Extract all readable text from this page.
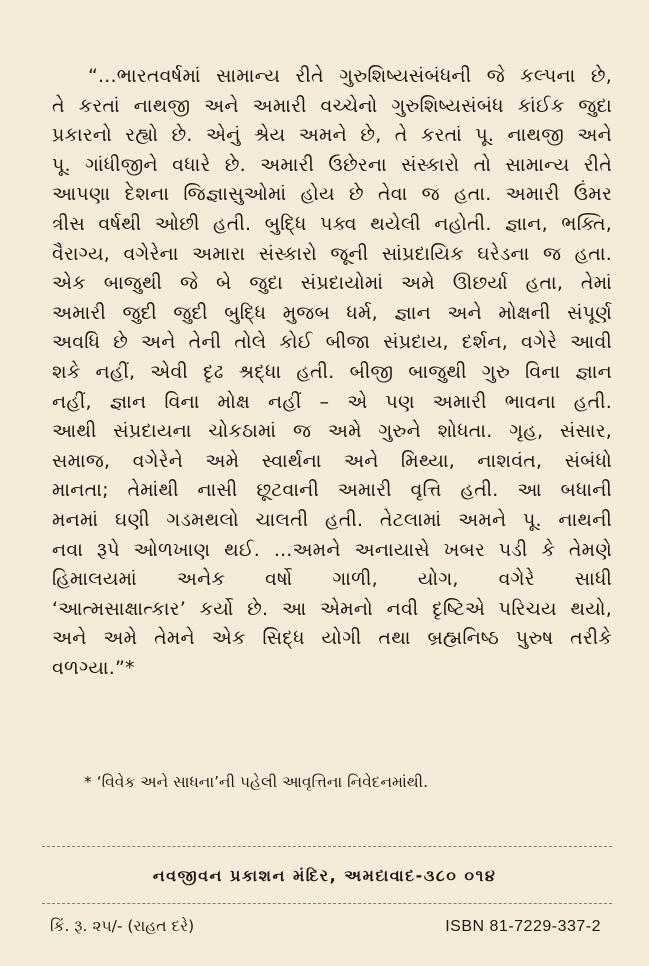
“...ભારતવર્ષમાં સામાન્ય રીતે ગુરુશિષ્યસંબંધની જે કલ્પના છે,
તે કરતાં નાથજી અને અમારી વચ્ચેનો ગુરુશિષ્યસંબંધ કાંઈક જુદા
પ્રકારનો રહ્યો છે. એનું શ્રેય અમને છે, તે કરતાં પૂ. નાથજી અને
પૂ. ગાંધીજીને વધારે છે. અમારી ઉછેરના સંસ્કારો તો સામાન્ય રીતે
આપણા દેશના જિજ્ઞાસુઓમાં હોય છે તેવા જ હતા. અમારી ઉંમર
ત્રીસ વર્ષથી ઓછી હતી. બુદ્ધિ પક્વ થયેલી નહોતી. જ્ઞાન, ભક્તિ,
વૈરાગ્ય, વગેરેના અમારા સંસ્કારો જૂની સાંપ્રદાયિક ઘરેડના જ હતા.
એક બાજુથી જે બે જુદા સંપ્રદાયોમાં અમે ઊછર્યા હતા, તેમાં
અમારી જુદી જુદી બુદ્ધિ મુજબ ધર્મ, જ્ઞાન અને મોક્ષની સંપૂર્ણ
અવધિ છે અને તેની તોલે કોઈ બીજા સંપ્રદાય, દર્શન, વગેરે આવી
શકે નહીં, એવી દૃઢ શ્રદ્ધા હતી. બીજી બાજુથી ગુરુ વિના જ્ઞાન
નહીં, જ્ઞાન વિના મોક્ષ નહીં – એ પણ અમારી ભાવના હતી.
આથી સંપ્રદાયના ચોકઠામાં જ અમે ગુરુને શોધતા. ગૃહ, સંસાર,
સમાજ, વગેરેને અમે સ્વાર્થના અને મિથ્યા, નાશવંત, સંબંધો
માનતા; તેમાંથી નાસી છૂટવાની અમારી વૃત્તિ હતી. આ બધાની
મનમાં ઘણી ગડમથલો ચાલતી હતી. તેટલામાં અમને પૂ. નાથની
નવા રૂપે ઓળખાણ થઈ. ...અમને અનાયાસે ખબર પડી કે તેમણે
હિમાલયમાં અનેક વર્ષો ગાળી, યોગ, વગેરે સાધી
‘આત્મસાક્ષાત્કાર’ કર્યો છે. આ એમનો નવી દૃષ્ટિએ પરિચય થયો,
અને અમે તેમને એક સિદ્ધ યોગી તથા બ્રહ્મનિષ્ઠ પુરુષ તરીકે
વળગ્યા.”*
* ‘વિવેક અને સાધના’ની પહેલી આવૃત્તિના નિવેદનમાંથી.
નવજીવન પ્રકાશન મંદિર, અમદાવાદ-૩૮૦ ૦૧૪
કિં. રૂ. ૨૫/- (રાહત દરે)	ISBN 81-7229-337-2
